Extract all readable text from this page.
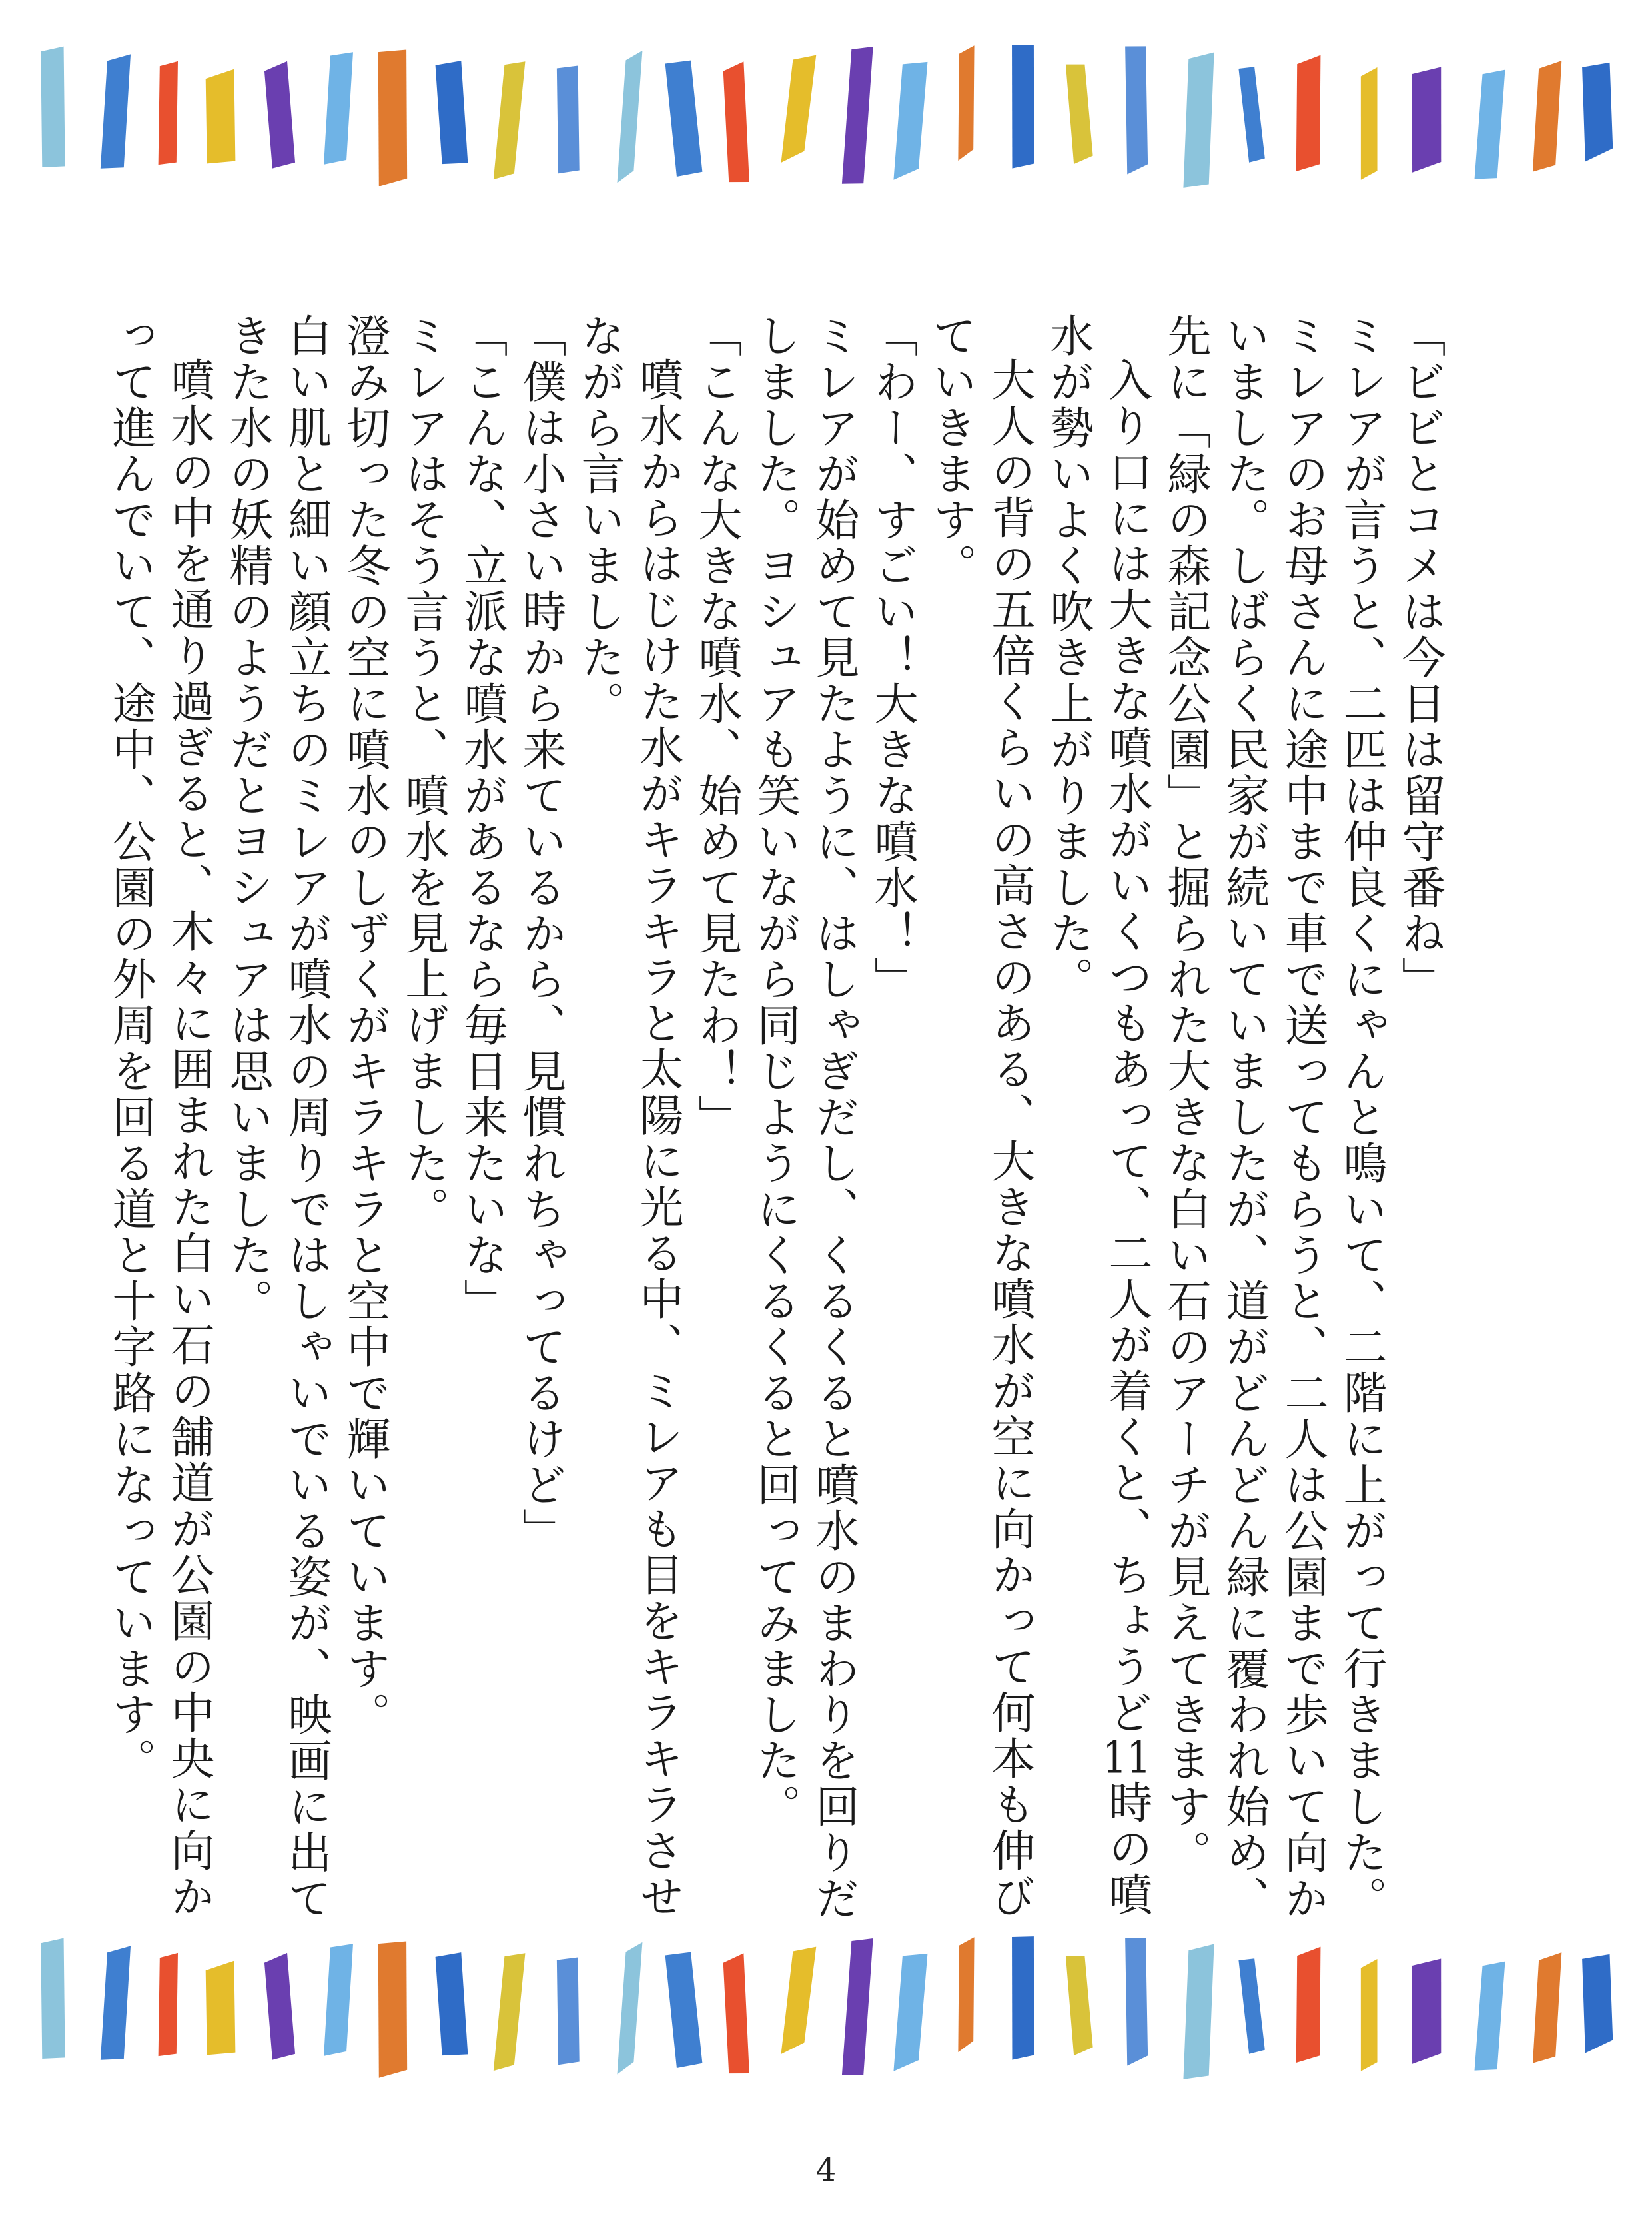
「ビビとコメは今日は留守番ね」

ミレアが言うと、二匹は仲良くにゃんと鳴いて、二階に上がって行きました。

ミレアのお母さんに途中まで車で送ってもらうと、二人は公園まで歩いて向かいました。しばらく民家が続いていましたが、道がどんどん緑に覆われ始め、先に「緑の森記念公園」と掘られた大きな白い石のアーチが見えてきます。

入り口には大きな噴水がいくつもあって、二人が着くと、ちょうど11時の噴水が勢いよく吹き上がりました。

大人の背の五倍くらいの高さのある、大きな噴水が空に向かって何本も伸びていきます。

「わー、すごい！大きな噴水！」

ミレアが始めて見たように、はしゃぎだし、くるくると噴水のまわりを回りだしました。ヨシュアも笑いながら同じようにくるくると回ってみました。

「こんな大きな噴水、始めて見たわ！」

噴水からはじけた水がキラキラと太陽に光る中、ミレアも目をキラキラさせながら言いました。

「僕は小さい時から来ているから、見慣れちゃってるけど」

「こんな、立派な噴水があるなら毎日来たいな」

ミレアはそう言うと、噴水を見上げました。

澄み切った冬の空に噴水のしずくがキラキラと空中で輝いています。

白い肌と細い顔立ちのミレアが噴水の周りではしゃいでいる姿が、映画に出てきた水の妖精のようだとヨシュアは思いました。

噴水の中を通り過ぎると、木々に囲まれた白い石の舗道が公園の中央に向かって進んでいて、途中、公園の外周を回る道と十字路になっています。

4
